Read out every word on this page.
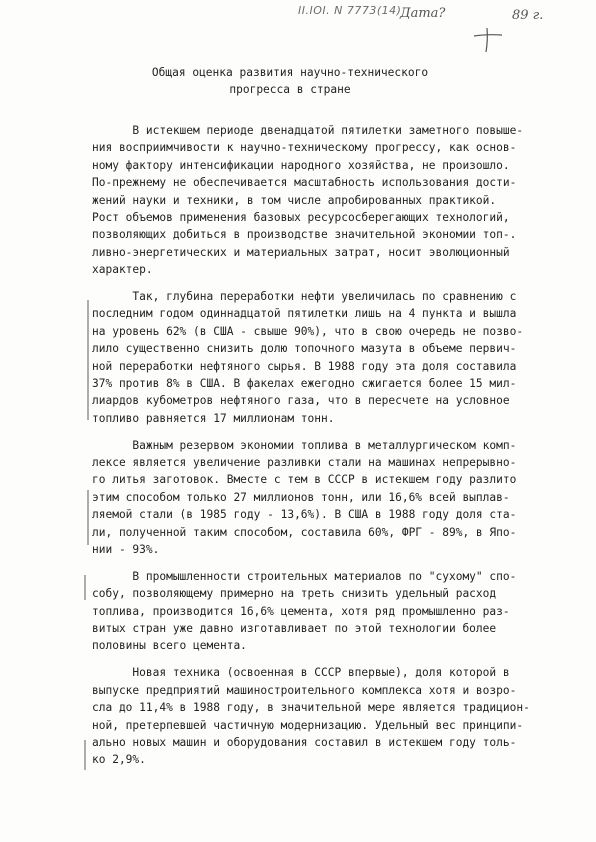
II.IOI. N 7773(14)
Дата?	89 г.
Общая оценка развития научно-технического
прогресса в стране
В истекшем периоде двенадцатой пятилетки заметного повыше-
ния восприимчивости к научно-техническому прогрессу, как основ-
ному фактору интенсификации народного хозяйства, не произошло.
По-прежнему не обеспечивается масштабность использования дости-
жений науки и техники, в том числе апробированных практикой.
Рост объемов применения базовых ресурсосберегающих технологий,
позволяющих добиться в производстве значительной экономии топ-.
ливно-энергетических и материальных затрат, носит эволюционный
характер.
Так, глубина переработки нефти увеличилась по сравнению с
последним годом одиннадцатой пятилетки лишь на 4 пункта и вышла
на уровень 62% (в США - свыше 90%), что в свою очередь не позво-
лило существенно снизить долю топочного мазута в объеме первич-
ной переработки нефтяного сырья. В 1988 году эта доля составила
37% против 8% в США. В факелах ежегодно сжигается более 15 мил-
лиардов кубометров нефтяного газа, что в пересчете на условное
топливо равняется 17 миллионам тонн.
Важным резервом экономии топлива в металлургическом комп-
лексе является увеличение разливки стали на машинах непрерывно-
го литья заготовок. Вместе с тем в СССР в истекшем году разлито
этим способом только 27 миллионов тонн, или 16,6% всей выплав-
ляемой стали (в 1985 году - 13,6%). В США в 1988 году доля ста-
ли, полученной таким способом, составила 60%, ФРГ - 89%, в Япо-
нии - 93%.
В промышленности строительных материалов по "сухому" спо-
собу, позволяющему примерно на треть снизить удельный расход
топлива, производится 16,6% цемента, хотя ряд промышленно раз-
витых стран уже давно изготавливает по этой технологии более
половины всего цемента.
Новая техника (освоенная в СССР впервые), доля которой в
выпуске предприятий машиностроительного комплекса хотя и возро-
сла до 11,4% в 1988 году, в значительной мере является традицион-
ной, претерпевшей частичную модернизацию. Удельный вес принципи-
ально новых машин и оборудования составил в истекшем году толь-
ко 2,9%.
